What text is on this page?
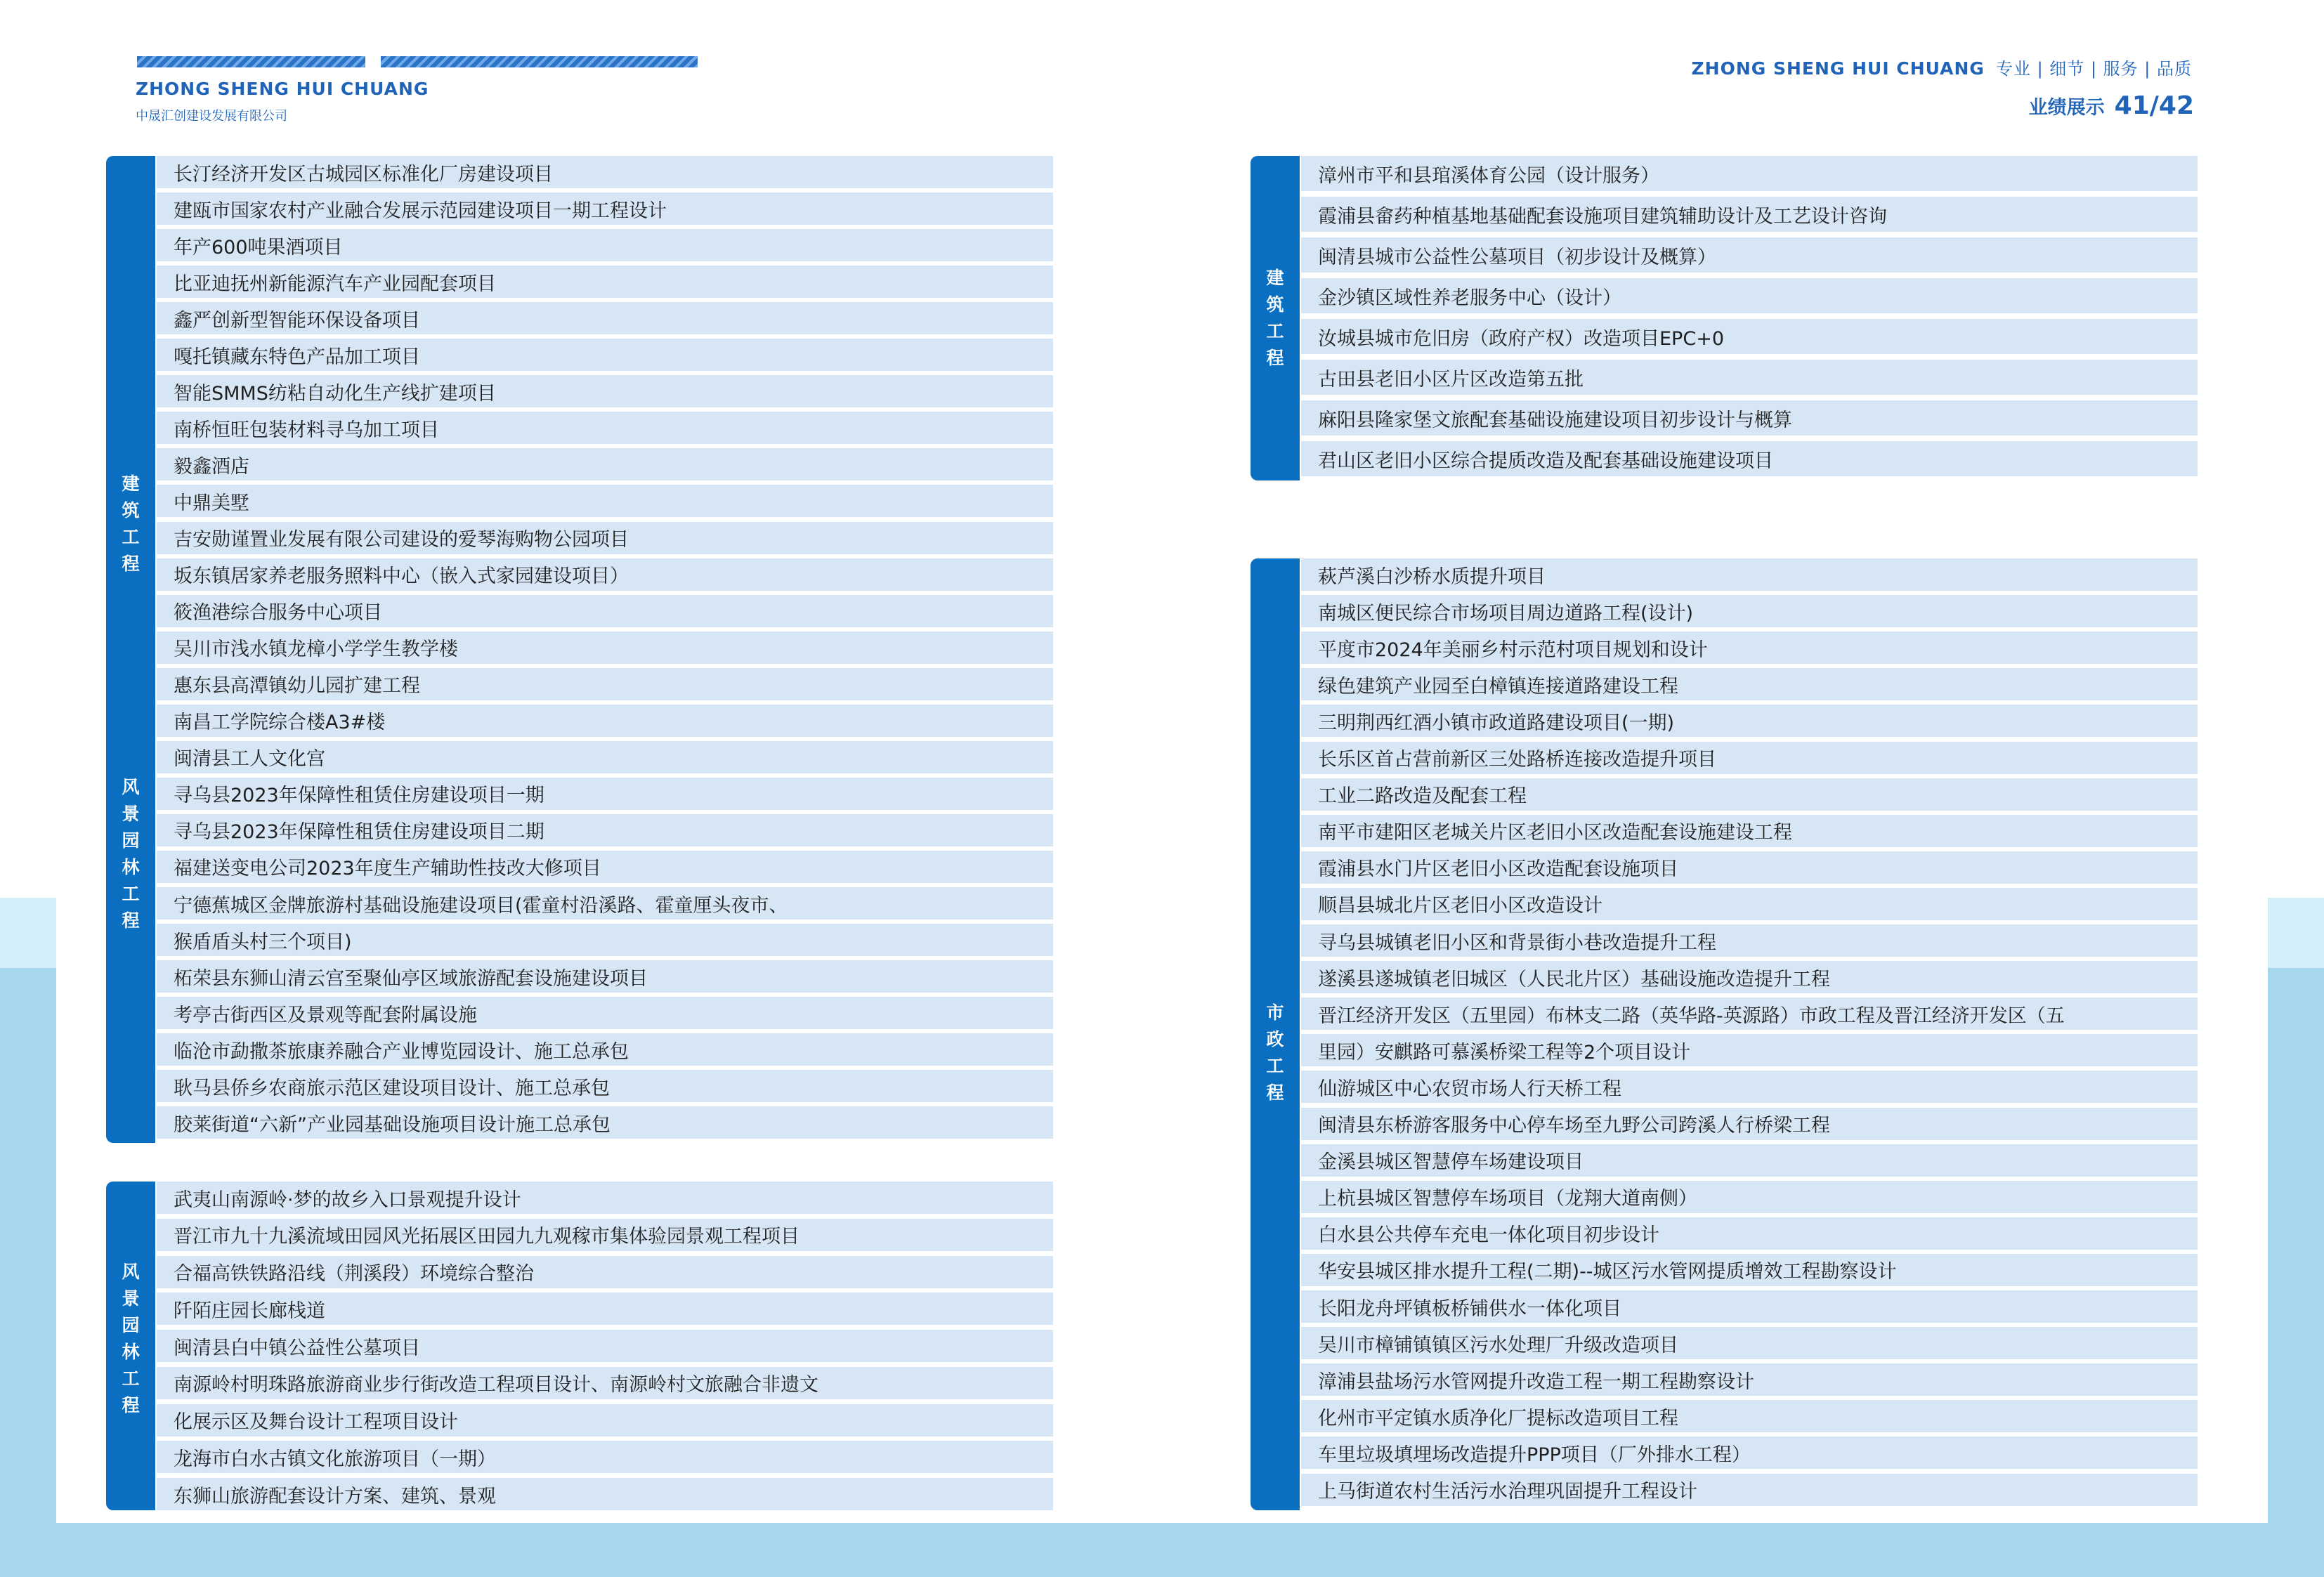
ZHONG SHENG HUI CHUANG
中晟汇创建设发展有限公司
ZHONG SHENG HUI CHUANG 专业 | 细节 | 服务 | 品质
业绩展示 41/42
建
筑
工
程
风
景
园
林
工
程
长汀经济开发区古城园区标准化厂房建设项目
建瓯市国家农村产业融合发展示范园建设项目一期工程设计
年产600吨果酒项目
比亚迪抚州新能源汽车产业园配套项目
鑫严创新型智能环保设备项目
嘎托镇藏东特色产品加工项目
智能SMMS纺粘自动化生产线扩建项目
南桥恒旺包装材料寻乌加工项目
毅鑫酒店
中鼎美墅
吉安勋谨置业发展有限公司建设的爱琴海购物公园项目
坂东镇居家养老服务照料中心（嵌入式家园建设项目）
筱渔港综合服务中心项目
吴川市浅水镇龙樟小学学生教学楼
惠东县高潭镇幼儿园扩建工程
南昌工学院综合楼A3#楼
闽清县工人文化宫
寻乌县2023年保障性租赁住房建设项目一期
寻乌县2023年保障性租赁住房建设项目二期
福建送变电公司2023年度生产辅助性技改大修项目
宁德蕉城区金牌旅游村基础设施建设项目(霍童村沿溪路、霍童厘头夜市、
猴盾盾头村三个项目)
柘荣县东狮山清云宫至聚仙亭区域旅游配套设施建设项目
考亭古街西区及景观等配套附属设施
临沧市勐撒茶旅康养融合产业博览园设计、施工总承包
耿马县侨乡农商旅示范区建设项目设计、施工总承包
胶莱街道“六新”产业园基础设施项目设计施工总承包
风
景
园
林
工
程
武夷山南源岭·梦的故乡入口景观提升设计
晋江市九十九溪流域田园风光拓展区田园九九观稼市集体验园景观工程项目
合福高铁铁路沿线（荆溪段）环境综合整治
阡陌庄园长廊栈道
闽清县白中镇公益性公墓项目
南源岭村明珠路旅游商业步行街改造工程项目设计、南源岭村文旅融合非遗文
化展示区及舞台设计工程项目设计
龙海市白水古镇文化旅游项目（一期）
东狮山旅游配套设计方案、建筑、景观
建
筑
工
程
漳州市平和县琯溪体育公园（设计服务）
霞浦县畲药种植基地基础配套设施项目建筑辅助设计及工艺设计咨询
闽清县城市公益性公墓项目（初步设计及概算）
金沙镇区域性养老服务中心（设计）
汝城县城市危旧房（政府产权）改造项目EPC+0
古田县老旧小区片区改造第五批
麻阳县隆家堡文旅配套基础设施建设项目初步设计与概算
君山区老旧小区综合提质改造及配套基础设施建设项目
市
政
工
程
萩芦溪白沙桥水质提升项目
南城区便民综合市场项目周边道路工程(设计)
平度市2024年美丽乡村示范村项目规划和设计
绿色建筑产业园至白樟镇连接道路建设工程
三明荆西红酒小镇市政道路建设项目(一期)
长乐区首占营前新区三处路桥连接改造提升项目
工业二路改造及配套工程
南平市建阳区老城关片区老旧小区改造配套设施建设工程
霞浦县水门片区老旧小区改造配套设施项目
顺昌县城北片区老旧小区改造设计
寻乌县城镇老旧小区和背景街小巷改造提升工程
遂溪县遂城镇老旧城区（人民北片区）基础设施改造提升工程
晋江经济开发区（五里园）布林支二路（英华路-英源路）市政工程及晋江经济开发区（五
里园）安麒路可慕溪桥梁工程等2个项目设计
仙游城区中心农贸市场人行天桥工程
闽清县东桥游客服务中心停车场至九野公司跨溪人行桥梁工程
金溪县城区智慧停车场建设项目
上杭县城区智慧停车场项目（龙翔大道南侧）
白水县公共停车充电一体化项目初步设计
华安县城区排水提升工程(二期)--城区污水管网提质增效工程勘察设计
长阳龙舟坪镇板桥铺供水一体化项目
吴川市樟铺镇镇区污水处理厂升级改造项目
漳浦县盐场污水管网提升改造工程一期工程勘察设计
化州市平定镇水质净化厂提标改造项目工程
车里垃圾填埋场改造提升PPP项目（厂外排水工程）
上马街道农村生活污水治理巩固提升工程设计
